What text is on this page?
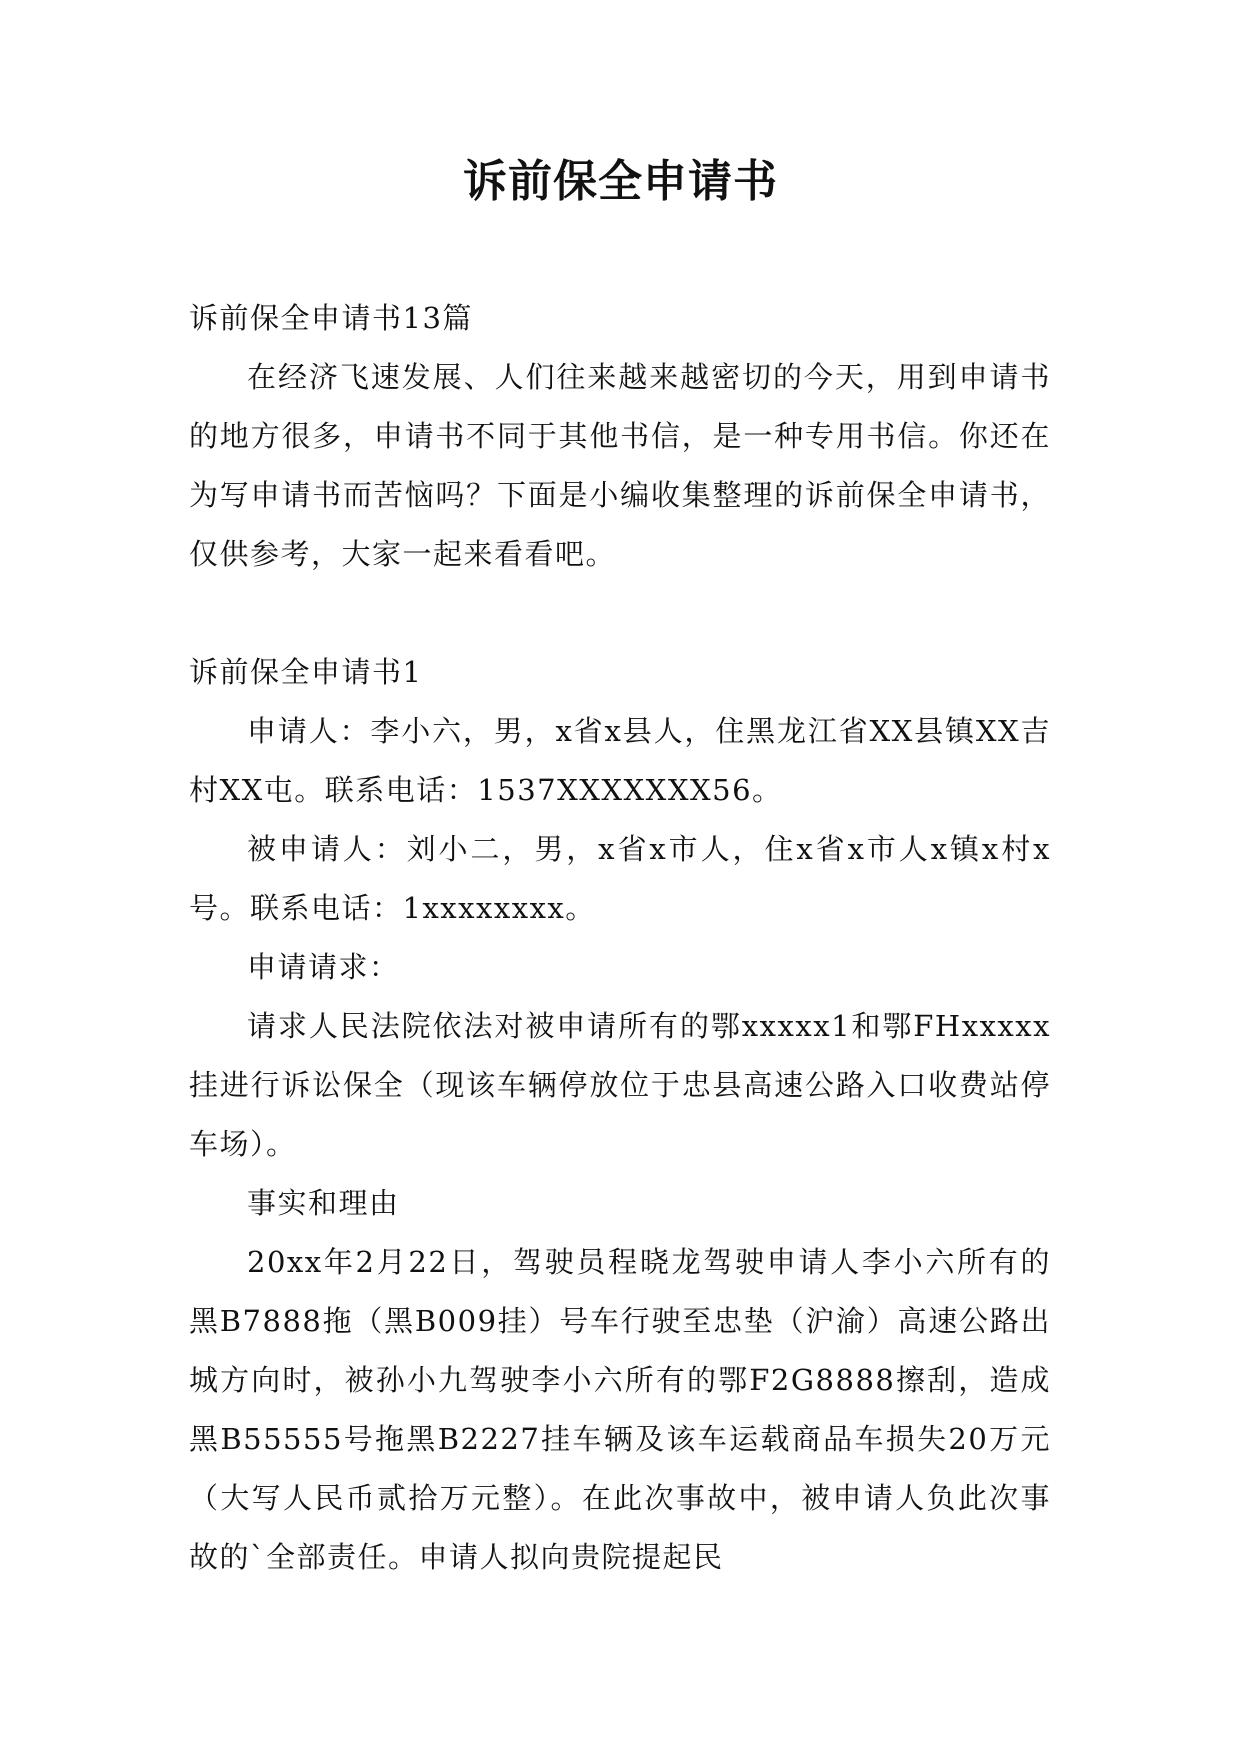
诉前保全申请书

诉前保全申请书13篇

在经济飞速发展、人们往来越来越密切的今天，用到申请书的地方很多，申请书不同于其他书信，是一种专用书信。你还在为写申请书而苦恼吗？下面是小编收集整理的诉前保全申请书，仅供参考，大家一起来看看吧。

诉前保全申请书1

申请人：李小六，男，x省x县人，住黑龙江省XX县镇XX吉村XX屯。联系电话：1537XXXXXXX56。

被申请人：刘小二，男，x省x市人，住x省x市人x镇x村x号。联系电话：1xxxxxxxx。

申请请求：

请求人民法院依法对被申请所有的鄂xxxxx1和鄂FHxxxxx挂进行诉讼保全（现该车辆停放位于忠县高速公路入口收费站停车场）。

事实和理由

20xx年2月22日，驾驶员程晓龙驾驶申请人李小六所有的黑B7888拖（黑B009挂）号车行驶至忠垫（沪渝）高速公路出城方向时，被孙小九驾驶李小六所有的鄂F2G8888擦刮，造成黑B55555号拖黑B2227挂车辆及该车运载商品车损失20万元（大写人民币贰拾万元整）。在此次事故中，被申请人负此次事故的`全部责任。申请人拟向贵院提起民
